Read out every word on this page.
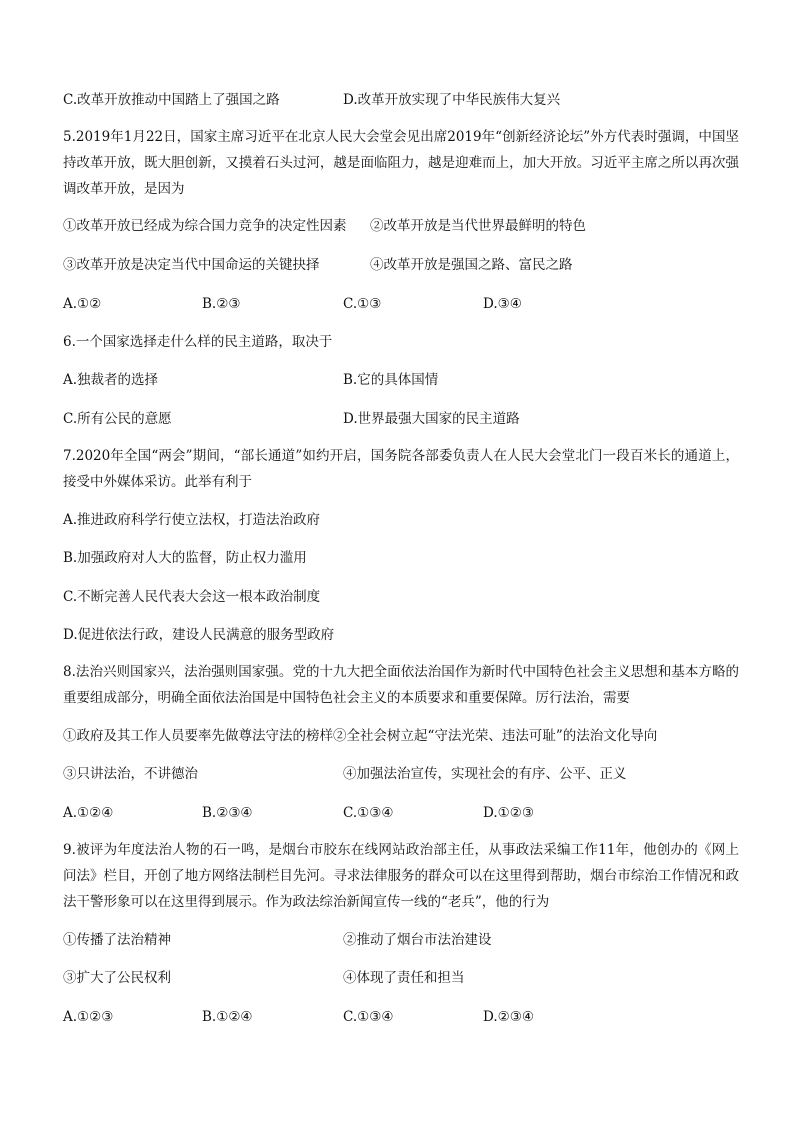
C.改革开放推动中国踏上了强国之路	D.改革开放实现了中华民族伟大复兴
5.2019年1月22日，国家主席习近平在北京人民大会堂会见出席2019年“创新经济论坛”外方代表时强调，中国坚持改革开放，既大胆创新，又摸着石头过河，越是面临阻力，越是迎难而上，加大开放。习近平主席之所以再次强调改革开放，是因为
①改革开放已经成为综合国力竞争的决定性因素 ②改革开放是当代世界最鲜明的特色
③改革开放是决定当代中国命运的关键抉择	④改革开放是强国之路、富民之路
A.①②	B.②③	C.①③	D.③④
6.一个国家选择走什么样的民主道路，取决于
A.独裁者的选择	B.它的具体国情
C.所有公民的意愿	D.世界最强大国家的民主道路
7.2020年全国“两会”期间，“部长通道”如约开启，国务院各部委负责人在人民大会堂北门一段百米长的通道上，接受中外媒体采访。此举有利于
A.推进政府科学行使立法权，打造法治政府
B.加强政府对人大的监督，防止权力滥用
C.不断完善人民代表大会这一根本政治制度
D.促进依法行政，建设人民满意的服务型政府
8.法治兴则国家兴，法治强则国家强。党的十九大把全面依法治国作为新时代中国特色社会主义思想和基本方略的重要组成部分，明确全面依法治国是中国特色社会主义的本质要求和重要保障。厉行法治，需要
①政府及其工作人员要率先做尊法守法的榜样②全社会树立起“守法光荣、违法可耻”的法治文化导向
③只讲法治，不讲德治	④加强法治宣传，实现社会的有序、公平、正义
A.①②④	B.②③④	C.①③④	D.①②③
9.被评为年度法治人物的石一鸣，是烟台市胶东在线网站政治部主任，从事政法采编工作11年，他创办的《网上问法》栏目，开创了地方网络法制栏目先河。寻求法律服务的群众可以在这里得到帮助，烟台市综治工作情况和政法干警形象可以在这里得到展示。作为政法综治新闻宣传一线的“老兵”，他的行为
①传播了法治精神	②推动了烟台市法治建设
③扩大了公民权利	④体现了责任和担当
A.①②③	B.①②④	C.①③④	D.②③④
